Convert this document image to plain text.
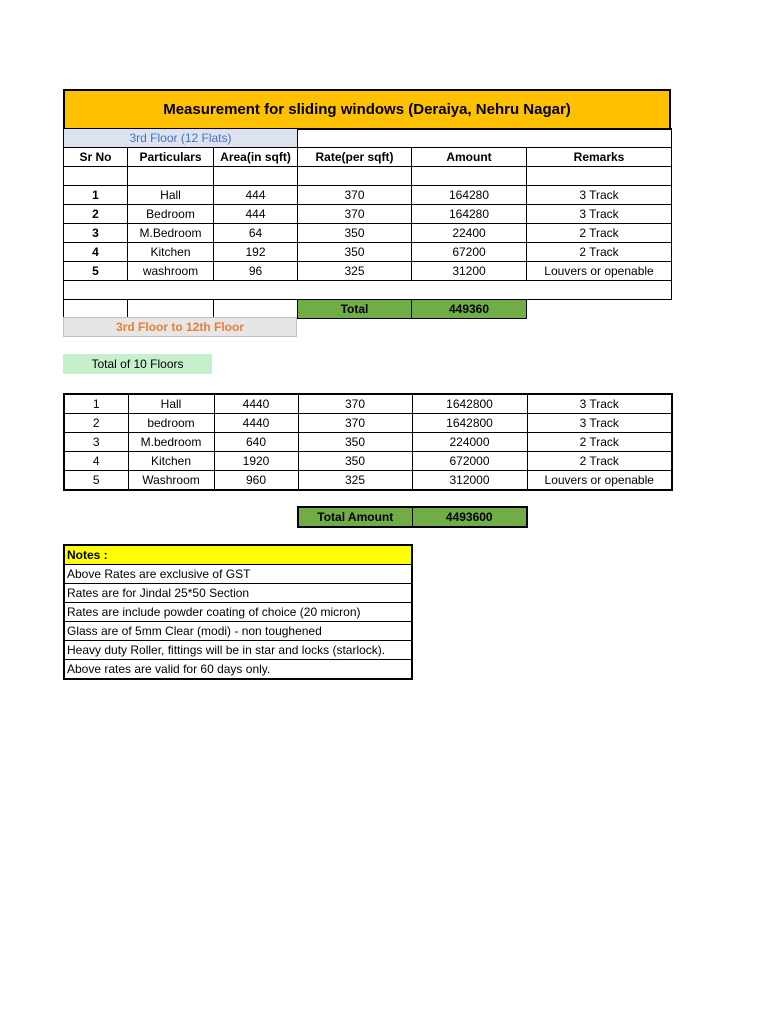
Measurement for sliding windows (Deraiya, Nehru Nagar)
3rd Floor (12 Flats)					
Sr No	Particulars	Area(in sqft)	Rate(per sqft)	Amount	Remarks

1	Hall	444	370	164280	3 Track
2	Bedroom	444	370	164280	3 Track
3	M.Bedroom	64	350	22400	2 Track
4	Kitchen	192	350	67200	2 Track
5	washroom	96	325	31200	Louvers or openable

			Total	449360	
3rd Floor to 12th Floor
Total of 10 Floors
1	Hall	4440	370	1642800	3 Track
2	bedroom	4440	370	1642800	3 Track
3	M.bedroom	640	350	224000	2 Track
4	Kitchen	1920	350	672000	2 Track
5	Washroom	960	325	312000	Louvers or openable
Total Amount	4493600
Notes :
Above Rates are exclusive of GST
Rates are for Jindal 25*50 Section
Rates are include powder coating of choice (20 micron)
Glass are of 5mm Clear (modi) - non toughened
Heavy duty Roller, fittings will be in star and locks (starlock).
Above rates are valid for 60 days only.
